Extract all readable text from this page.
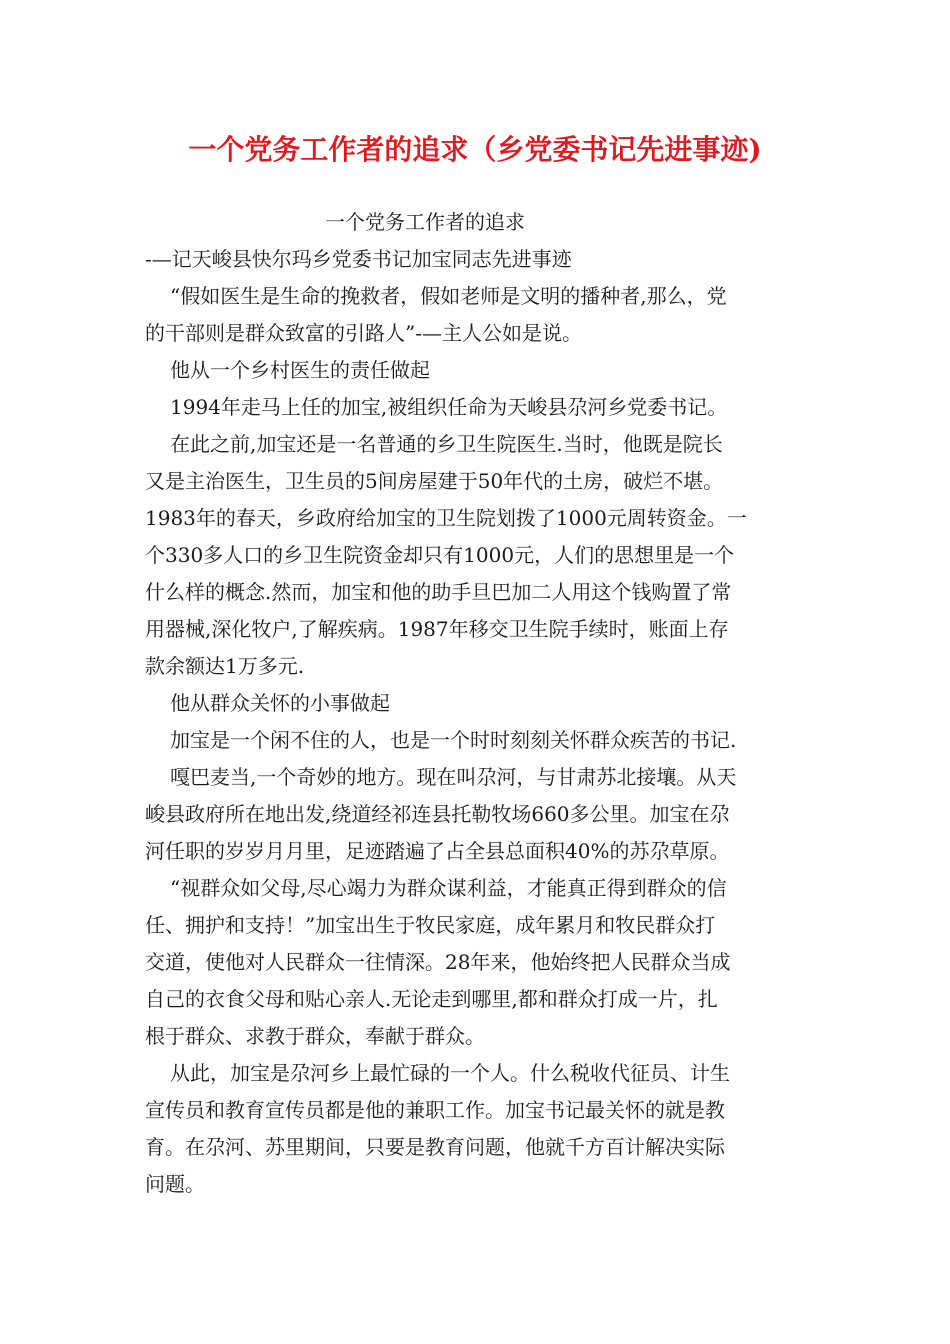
一个党务工作者的追求（乡党委书记先进事迹)
一个党务工作者的追求
-—记天峻县快尔玛乡党委书记加宝同志先进事迹
“假如医生是生命的挽救者，假如老师是文明的播种者,那么，党
的干部则是群众致富的引路人”-—主人公如是说。
他从一个乡村医生的责任做起
1994年走马上任的加宝,被组织任命为天峻县尕河乡党委书记。
在此之前,加宝还是一名普通的乡卫生院医生.当时，他既是院长
又是主治医生，卫生员的5间房屋建于50年代的土房，破烂不堪。
1983年的春天，乡政府给加宝的卫生院划拨了1000元周转资金。一
个330多人口的乡卫生院资金却只有1000元，人们的思想里是一个
什么样的概念.然而，加宝和他的助手旦巴加二人用这个钱购置了常
用器械,深化牧户,了解疾病。1987年移交卫生院手续时，账面上存
款余额达1万多元.
他从群众关怀的小事做起
加宝是一个闲不住的人，也是一个时时刻刻关怀群众疾苦的书记.
嘎巴麦当,一个奇妙的地方。现在叫尕河，与甘肃苏北接壤。从天
峻县政府所在地出发,绕道经祁连县托勒牧场660多公里。加宝在尕
河任职的岁岁月月里，足迹踏遍了占全县总面积40%的苏尕草原。
“视群众如父母,尽心竭力为群众谋利益，才能真正得到群众的信
任、拥护和支持！”加宝出生于牧民家庭，成年累月和牧民群众打
交道，使他对人民群众一往情深。28年来，他始终把人民群众当成
自己的衣食父母和贴心亲人.无论走到哪里,都和群众打成一片，扎
根于群众、求教于群众，奉献于群众。
从此，加宝是尕河乡上最忙碌的一个人。什么税收代征员、计生
宣传员和教育宣传员都是他的兼职工作。加宝书记最关怀的就是教
育。在尕河、苏里期间，只要是教育问题，他就千方百计解决实际
问题。
